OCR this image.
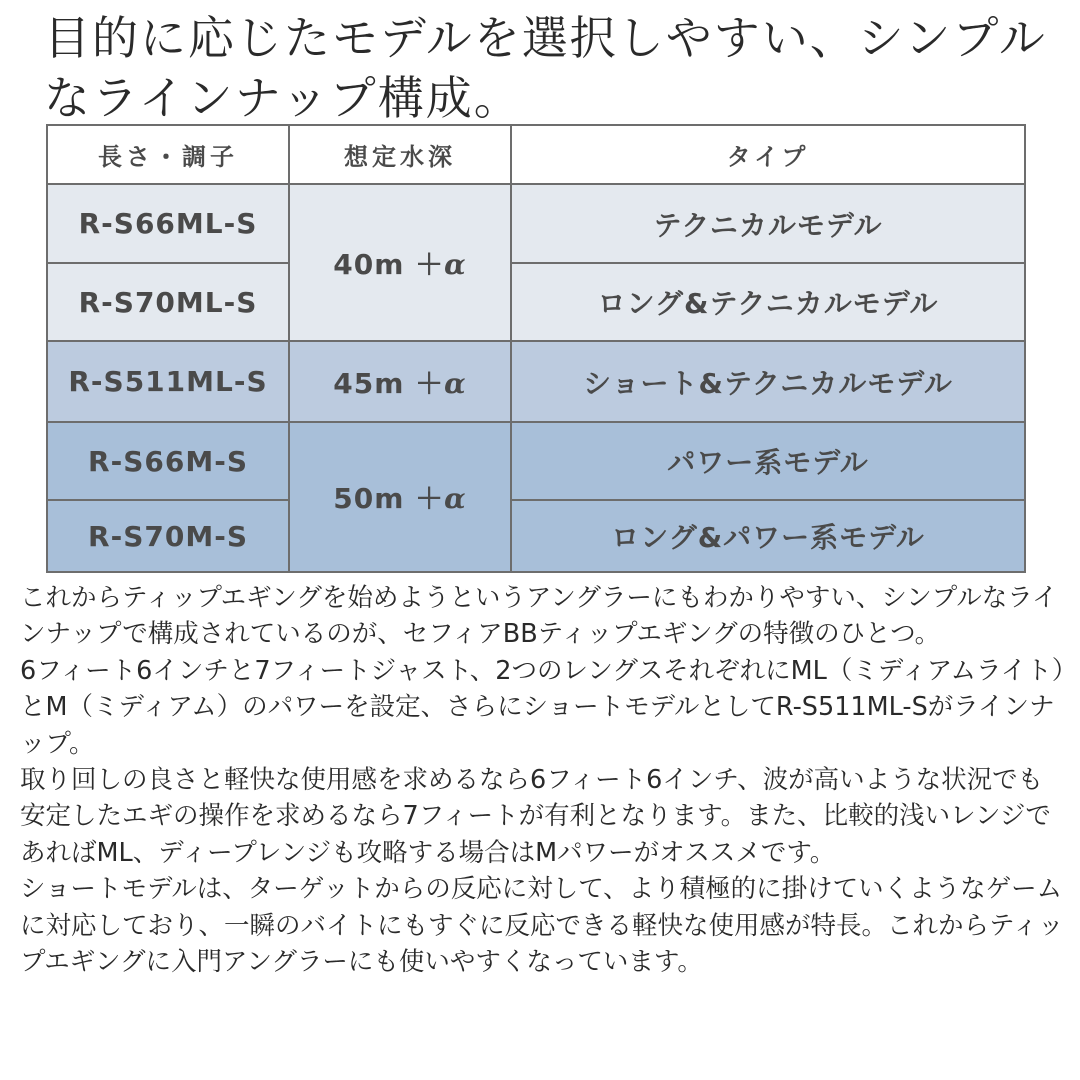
目的に応じたモデルを選択しやすい、シンプルなラインナップ構成。
長さ・調子	想定水深	タイプ
R-S66ML-S	40m ＋α	テクニカルモデル
R-S70ML-S		ロング&テクニカルモデル
R-S511ML-S	45m ＋α	ショート&テクニカルモデル
R-S66M-S	50m ＋α	パワー系モデル
R-S70M-S		ロング&パワー系モデル

これからティップエギングを始めようというアングラーにもわかりやすい、シンプルなラインナップで構成されているのが、セフィアBBティップエギングの特徴のひとつ。

6フィート6インチと7フィートジャスト、2つのレングスそれぞれにML（ミディアムライト）とM（ミディアム）のパワーを設定、さらにショートモデルとしてR-S511ML-Sがラインナップ。

取り回しの良さと軽快な使用感を求めるなら6フィート6インチ、波が高いような状況でも安定したエギの操作を求めるなら7フィートが有利となります。また、比較的浅いレンジであればML、ディープレンジも攻略する場合はMパワーがオススメです。

ショートモデルは、ターゲットからの反応に対して、より積極的に掛けていくようなゲームに対応しており、一瞬のバイトにもすぐに反応できる軽快な使用感が特長。これからティップエギングに入門アングラーにも使いやすくなっています。
